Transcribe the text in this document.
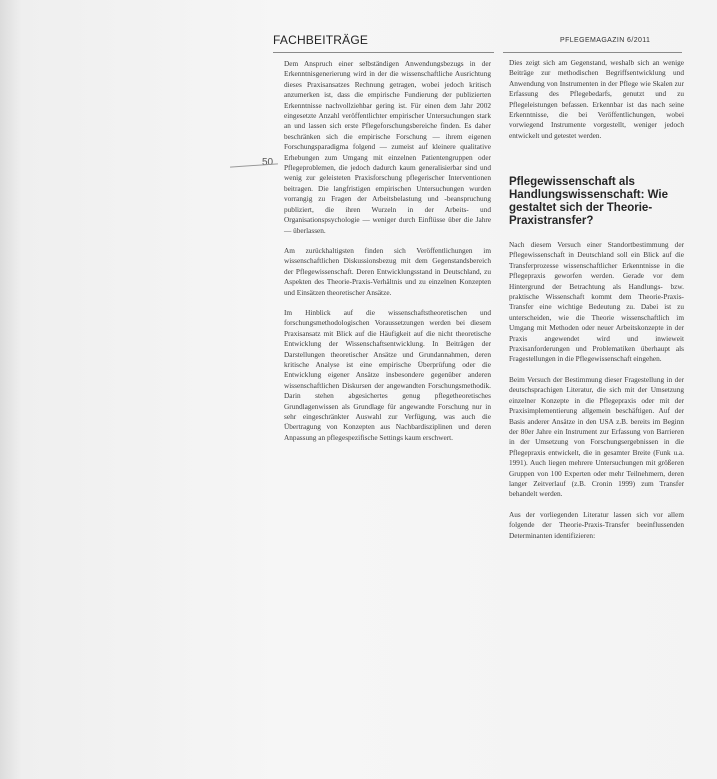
FACHBEITRÄGE	PFLEGEMAGAZIN 6/2011
50

Dem Anspruch einer selbständigen Anwendungsbezugs in der Erkenntnisgenerierung wird in der die wissenschaftliche Ausrichtung dieses Praxisansatzes Rechnung getragen, wobei jedoch kritisch anzumerken ist, dass die empirische Fundierung der publizierten Erkenntnisse nachvollziehbar gering ist. Für einen dem Jahr 2002 eingesetzte Anzahl veröffentlichter empirischer Untersuchungen stark an und lassen sich erste Pflegeforschungsbereiche finden. Es daher beschränken sich die empirische Forschung — ihrem eigenen Forschungsparadigma folgend — zumeist auf kleinere qualitative Erhebungen zum Umgang mit einzelnen Patientengruppen oder Pflegeproblemen, die jedoch dadurch kaum generalisierbar sind und wenig zur geleisteten Praxisforschung pflegerischer Interventionen beitragen. Die langfristigen empirischen Untersuchungen wurden vorrangig zu Fragen der Arbeitsbelastung und -beanspruchung publiziert, die ihren Wurzeln in der Arbeits- und Organisationspsychologie — weniger durch Einflüsse über die Jahre — überlassen.

Am zurückhaltigsten finden sich Veröffentlichungen im wissenschaftlichen Diskussionsbezug mit dem Gegenstandsbereich der Pflegewissenschaft. Deren Entwicklungsstand in Deutschland, zu Aspekten des Theorie-Praxis-Verhältnis und zu einzelnen Konzepten und Einsätzen theoretischer Ansätze.

Im Hinblick auf die wissenschaftstheoretischen und forschungsmethodologischen Voraussetzungen werden bei diesem Praxisansatz mit Blick auf die Häufigkeit auf die nicht theoretische Entwicklung der Wissenschaftsentwicklung. In Beiträgen der Darstellungen theoretischer Ansätze und Grundannahmen, deren kritische Analyse ist eine empirische Überprüfung oder die Entwicklung eigener Ansätze insbesondere gegenüber anderen wissenschaftlichen Diskursen der angewandten Forschungsmethodik. Darin stehen abgesichertes genug pflegetheoretisches Grundlagenwissen als Grundlage für angewandte Forschung nur in sehr eingeschränkter Auswahl zur Verfügung, was auch die Übertragung von Konzepten aus Nachbardisziplinen und deren Anpassung an pflegespezifische Settings kaum erschwert.

Dies zeigt sich am Gegenstand, weshalb sich an wenige Beiträge zur methodischen Begriffsentwicklung und Anwendung von Instrumenten in der Pflege wie Skalen zur Erfassung des Pflegebedarfs, genutzt und zu Pflegeleistungen befassen. Erkennbar ist das nach seine Erkenntnisse, die bei Veröffentlichungen, wobei vorwiegend Instrumente vorgestellt, weniger jedoch entwickelt und getestet werden.

Pflegewissenschaft als Handlungswissenschaft: Wie gestaltet sich der Theorie-Praxistransfer?

Nach diesem Versuch einer Standortbestimmung der Pflegewissenschaft in Deutschland soll ein Blick auf die Transferprozesse wissenschaftlicher Erkenntnisse in die Pflegepraxis geworfen werden. Gerade vor dem Hintergrund der Betrachtung als Handlungs- bzw. praktische Wissenschaft kommt dem Theorie-Praxis-Transfer eine wichtige Bedeutung zu. Dabei ist zu unterscheiden, wie die Theorie wissenschaftlich im Umgang mit Methoden oder neuer Arbeitskonzepte in der Praxis angewendet wird und inwieweit Praxisanforderungen und Problematiken überhaupt als Fragestellungen in die Pflegewissenschaft eingehen.

Beim Versuch der Bestimmung dieser Fragestellung in der deutschsprachigen Literatur, die sich mit der Umsetzung einzelner Konzepte in die Pflegepraxis oder mit der Praxisimplementierung allgemein beschäftigen. Auf der Basis anderer Ansätze in den USA z.B. bereits im Beginn der 80er Jahre ein Instrument zur Erfassung von Barrieren in der Umsetzung von Forschungsergebnissen in die Pflegepraxis entwickelt, die in gesamter Breite (Funk u.a. 1991). Auch liegen mehrere Untersuchungen mit größeren Gruppen von 100 Experten oder mehr Teilnehmern, deren langer Zeitverlauf (z.B. Cronin 1999) zum Transfer behandelt werden.

Aus der vorliegenden Literatur lassen sich vor allem folgende der Theorie-Praxis-Transfer beeinflussenden Determinanten identifizieren:
